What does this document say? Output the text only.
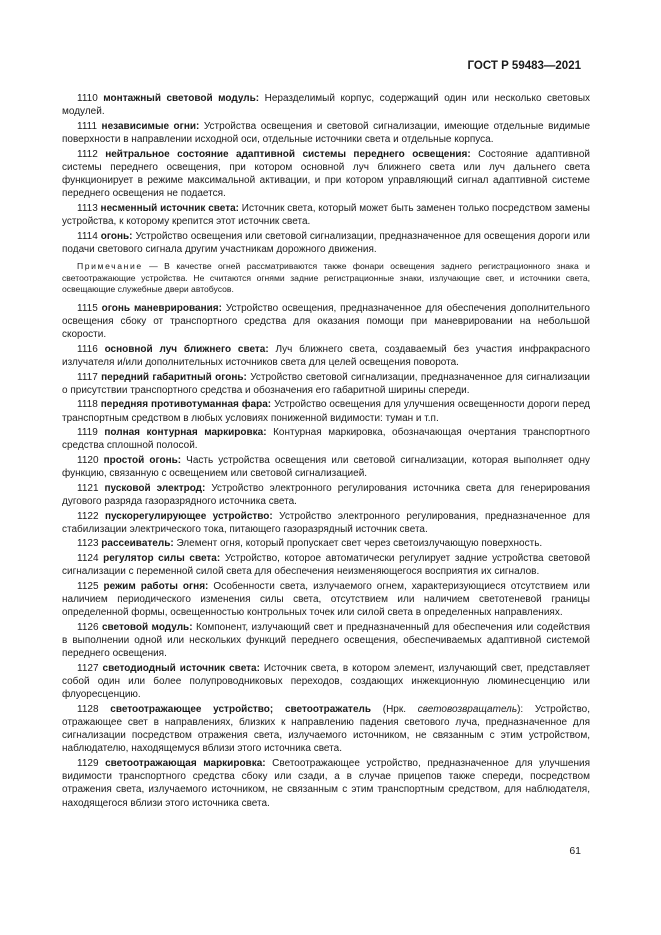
ГОСТ Р 59483—2021

1110 монтажный световой модуль: Неразделимый корпус, содержащий один или несколько световых модулей.

1111 независимые огни: Устройства освещения и световой сигнализации, имеющие отдельные видимые поверхности в направлении исходной оси, отдельные источники света и отдельные корпуса.

1112 нейтральное состояние адаптивной системы переднего освещения: Состояние адаптивной системы переднего освещения, при котором основной луч ближнего света или луч дальнего света функционирует в режиме максимальной активации, и при котором управляющий сигнал адаптивной системе переднего освещения не подается.

1113 несменный источник света: Источник света, который может быть заменен только посредством замены устройства, к которому крепится этот источник света.

1114 огонь: Устройство освещения или световой сигнализации, предназначенное для освещения дороги или подачи светового сигнала другим участникам дорожного движения.

Примечание — В качестве огней рассматриваются также фонари освещения заднего регистрационного знака и светоотражающие устройства. Не считаются огнями задние регистрационные знаки, излучающие свет, и источники света, освещающие служебные двери автобусов.

1115 огонь маневрирования: Устройство освещения, предназначенное для обеспечения дополнительного освещения сбоку от транспортного средства для оказания помощи при маневрировании на небольшой скорости.

1116 основной луч ближнего света: Луч ближнего света, создаваемый без участия инфракрасного излучателя и/или дополнительных источников света для целей освещения поворота.

1117 передний габаритный огонь: Устройство световой сигнализации, предназначенное для сигнализации о присутствии транспортного средства и обозначения его габаритной ширины спереди.

1118 передняя противотуманная фара: Устройство освещения для улучшения освещенности дороги перед транспортным средством в любых условиях пониженной видимости: туман и т.п.

1119 полная контурная маркировка: Контурная маркировка, обозначающая очертания транспортного средства сплошной полосой.

1120 простой огонь: Часть устройства освещения или световой сигнализации, которая выполняет одну функцию, связанную с освещением или световой сигнализацией.

1121 пусковой электрод: Устройство электронного регулирования источника света для генерирования дугового разряда газоразрядного источника света.

1122 пускорегулирующее устройство: Устройство электронного регулирования, предназначенное для стабилизации электрического тока, питающего газоразрядный источник света.

1123 рассеиватель: Элемент огня, который пропускает свет через светоизлучающую поверхность.

1124 регулятор силы света: Устройство, которое автоматически регулирует задние устройства световой сигнализации с переменной силой света для обеспечения неизменяющегося восприятия их сигналов.

1125 режим работы огня: Особенности света, излучаемого огнем, характеризующиеся отсутствием или наличием периодического изменения силы света, отсутствием или наличием светотеневой границы определенной формы, освещенностью контрольных точек или силой света в определенных направлениях.

1126 световой модуль: Компонент, излучающий свет и предназначенный для обеспечения или содействия в выполнении одной или нескольких функций переднего освещения, обеспечиваемых адаптивной системой переднего освещения.

1127 светодиодный источник света: Источник света, в котором элемент, излучающий свет, представляет собой один или более полупроводниковых переходов, создающих инжекционную люминесценцию или флуоресценцию.

1128 светоотражающее устройство; светоотражатель (Нрк. световозвращатель): Устройство, отражающее свет в направлениях, близких к направлению падения светового луча, предназначенное для сигнализации посредством отражения света, излучаемого источником, не связанным с этим устройством, наблюдателю, находящемуся вблизи этого источника света.

1129 светоотражающая маркировка: Светоотражающее устройство, предназначенное для улучшения видимости транспортного средства сбоку или сзади, а в случае прицепов также спереди, посредством отражения света, излучаемого источником, не связанным с этим транспортным средством, для наблюдателя, находящегося вблизи этого источника света.

61
